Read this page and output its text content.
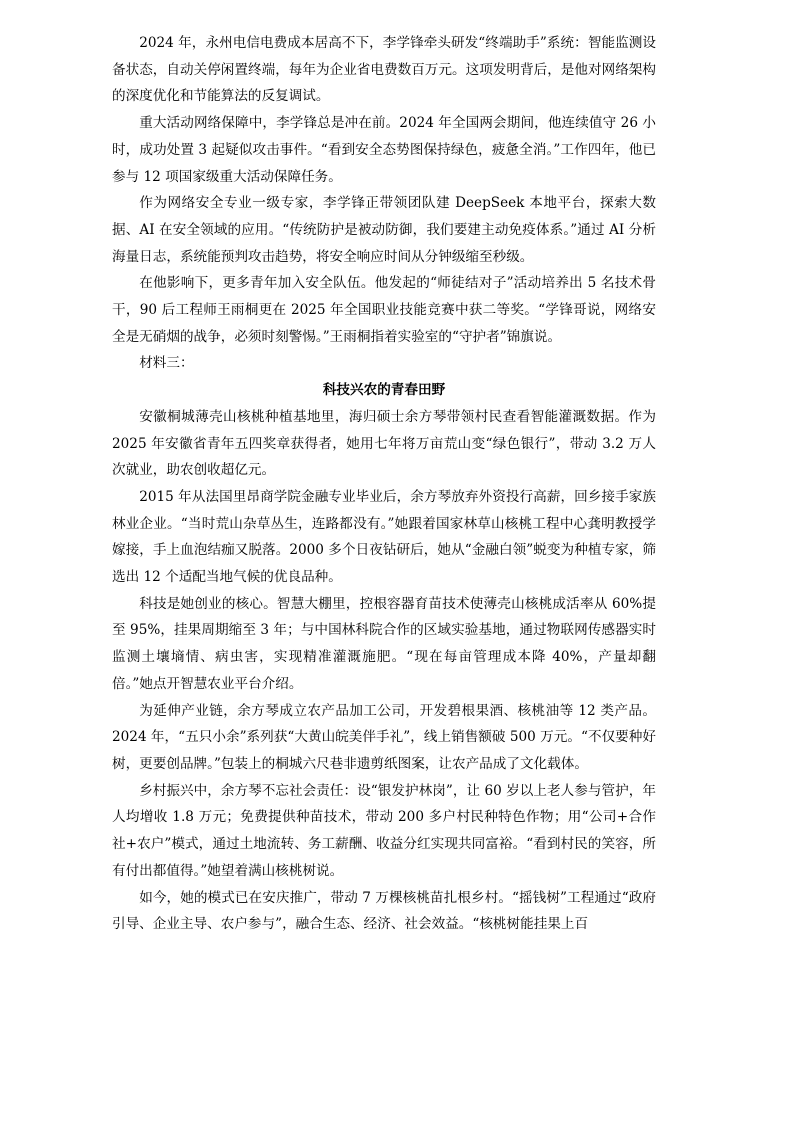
2024 年，永州电信电费成本居高不下，李学锋牵头研发“终端助手”系统：智能监测设备状态，自动关停闲置终端，每年为企业省电费数百万元。这项发明背后，是他对网络架构的深度优化和节能算法的反复调试。

重大活动网络保障中，李学锋总是冲在前。2024 年全国两会期间，他连续值守 26 小时，成功处置 3 起疑似攻击事件。“看到安全态势图保持绿色，疲惫全消。”工作四年，他已参与 12 项国家级重大活动保障任务。

作为网络安全专业一级专家，李学锋正带领团队建 DeepSeek 本地平台，探索大数据、AI 在安全领域的应用。“传统防护是被动防御，我们要建主动免疫体系。”通过 AI 分析海量日志，系统能预判攻击趋势，将安全响应时间从分钟级缩至秒级。

在他影响下，更多青年加入安全队伍。他发起的“师徒结对子”活动培养出 5 名技术骨干，90 后工程师王雨桐更在 2025 年全国职业技能竞赛中获二等奖。“学锋哥说，网络安全是无硝烟的战争，必须时刻警惕。”王雨桐指着实验室的“守护者”锦旗说。

材料三：

科技兴农的青春田野

安徽桐城薄壳山核桃种植基地里，海归硕士余方琴带领村民查看智能灌溉数据。作为 2025 年安徽省青年五四奖章获得者，她用七年将万亩荒山变“绿色银行”，带动 3.2 万人次就业，助农创收超亿元。

2015 年从法国里昂商学院金融专业毕业后，余方琴放弃外资投行高薪，回乡接手家族林业企业。“当时荒山杂草丛生，连路都没有。”她跟着国家林草山核桃工程中心龚明教授学嫁接，手上血泡结痂又脱落。2000 多个日夜钻研后，她从“金融白领”蜕变为种植专家，筛选出 12 个适配当地气候的优良品种。

科技是她创业的核心。智慧大棚里，控根容器育苗技术使薄壳山核桃成活率从 60%提至 95%，挂果周期缩至 3 年；与中国林科院合作的区域实验基地，通过物联网传感器实时监测土壤墒情、病虫害，实现精准灌溉施肥。“现在每亩管理成本降 40%，产量却翻倍。”她点开智慧农业平台介绍。

为延伸产业链，余方琴成立农产品加工公司，开发碧根果酒、核桃油等 12 类产品。2024 年，“五只小余”系列获“大黄山皖美伴手礼”，线上销售额破 500 万元。“不仅要种好树，更要创品牌。”包装上的桐城六尺巷非遗剪纸图案，让农产品成了文化载体。

乡村振兴中，余方琴不忘社会责任：设“银发护林岗”，让 60 岁以上老人参与管护，年人均增收 1.8 万元；免费提供种苗技术，带动 200 多户村民种特色作物；用“公司+合作社+农户”模式，通过土地流转、务工薪酬、收益分红实现共同富裕。“看到村民的笑容，所有付出都值得。”她望着满山核桃树说。

如今，她的模式已在安庆推广，带动 7 万棵核桃苗扎根乡村。“摇钱树”工程通过“政府引导、企业主导、农户参与”，融合生态、经济、社会效益。“核桃树能挂果上百
